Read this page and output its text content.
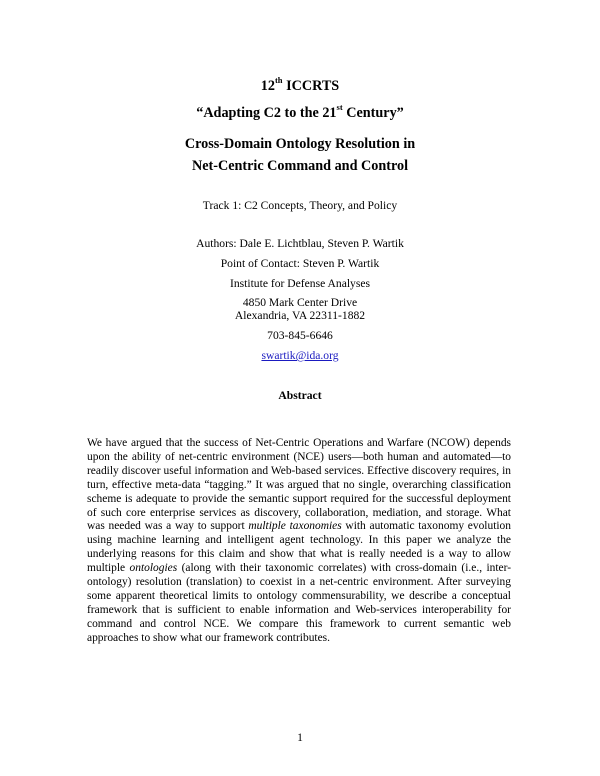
12th ICCRTS
“Adapting C2 to the 21st Century”
Cross-Domain Ontology Resolution in
Net-Centric Command and Control
Track 1: C2 Concepts, Theory, and Policy
Authors: Dale E. Lichtblau, Steven P. Wartik
Point of Contact: Steven P. Wartik
Institute for Defense Analyses
4850 Mark Center Drive
Alexandria, VA 22311-1882
703-845-6646
swartik@ida.org
Abstract

We have argued that the success of Net-Centric Operations and Warfare (NCOW) depends upon the ability of net-centric environment (NCE) users—both human and automated—to readily discover useful information and Web-based services. Effective discovery requires, in turn, effective meta-data “tagging.” It was argued that no single, overarching classification scheme is adequate to provide the semantic support required for the successful deployment of such core enterprise services as discovery, collaboration, mediation, and storage. What was needed was a way to support multiple taxonomies with automatic taxonomy evolution using machine learning and intelligent agent technology. In this paper we analyze the underlying reasons for this claim and show that what is really needed is a way to allow multiple ontologies (along with their taxonomic correlates) with cross-domain (i.e., inter-ontology) resolution (translation) to coexist in a net-centric environment. After surveying some apparent theoretical limits to ontology commensurability, we describe a conceptual framework that is sufficient to enable information and Web-services interoperability for command and control NCE. We compare this framework to current semantic web approaches to show what our framework contributes.

1
